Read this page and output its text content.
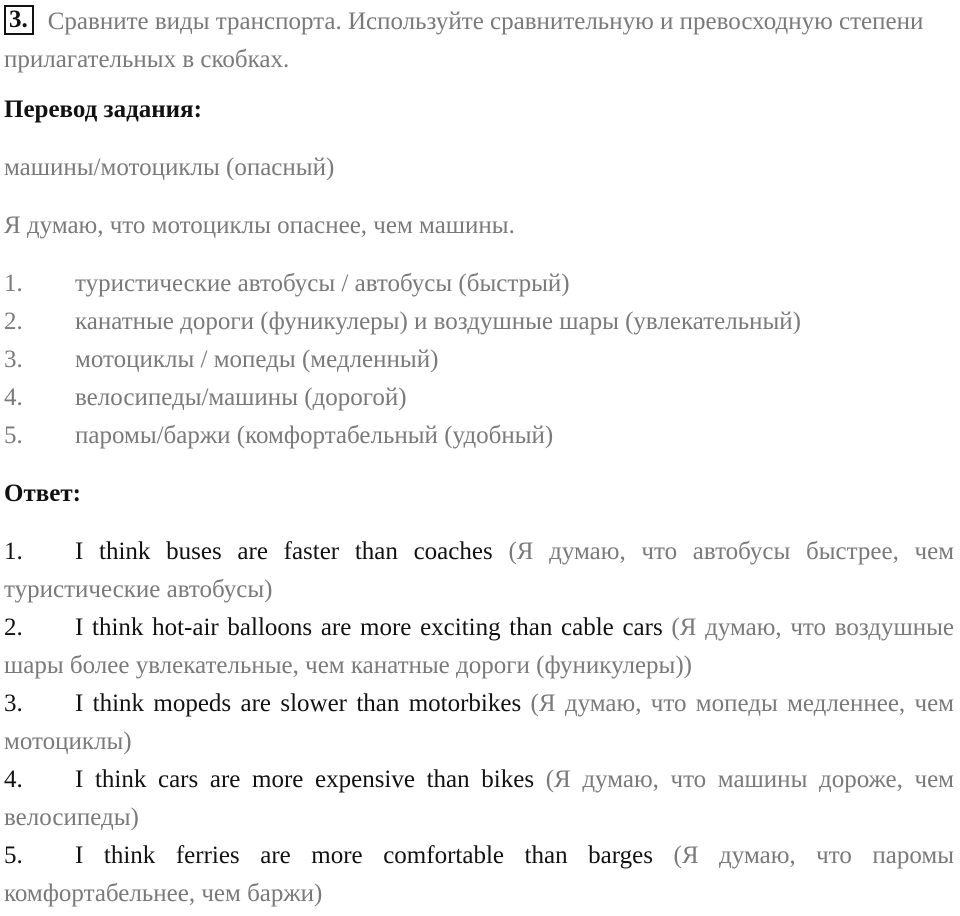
3. Сравните виды транспорта. Используйте сравнительную и превосходную степени прилагательных в скобках.

Перевод задания:

машины/мотоциклы (опасный)

Я думаю, что мотоциклы опаснее, чем машины.

1.	туристические автобусы / автобусы (быстрый)
2.	канатные дороги (фуникулеры) и воздушные шары (увлекательный)
3.	мотоциклы / мопеды (медленный)
4.	велосипеды/машины (дорогой)
5.	паромы/баржи (комфортабельный (удобный)

Ответ:

1. I think buses are faster than coaches (Я думаю, что автобусы быстрее, чем туристические автобусы)
2. I think hot-air balloons are more exciting than cable cars (Я думаю, что воздушные шары более увлекательные, чем канатные дороги (фуникулеры))
3. I think mopeds are slower than motorbikes (Я думаю, что мопеды медленнее, чем мотоциклы)
4. I think cars are more expensive than bikes (Я думаю, что машины дороже, чем велосипеды)
5. I think ferries are more comfortable than barges (Я думаю, что паромы комфортабельнее, чем баржи)
